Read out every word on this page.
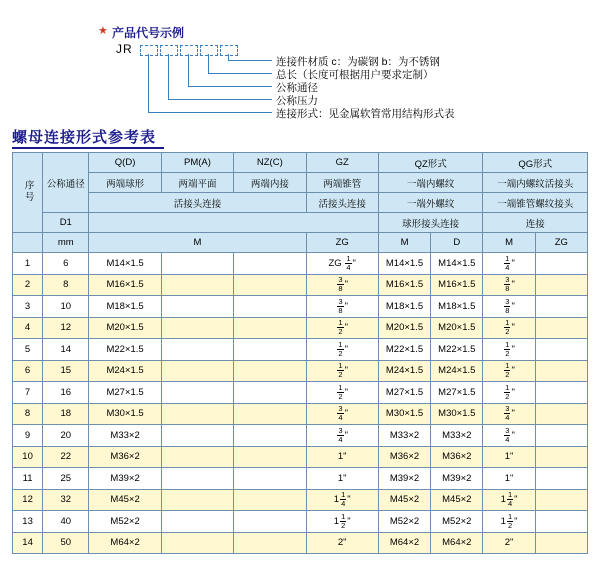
★ 产品代号示例
JR
连接件材质 c：为碳钢 b：为不锈钢
总长（长度可根据用户要求定制）
公称通径
公称压力
连接形式：见金属软管常用结构形式表
螺母连接形式参考表
序号	公称通径	Q(D)	PM(A)	NZ(C)	GZ	QZ形式		QG形式	
		两端球形	两端平面	两端内接	两端锥管	一端内螺纹		一端内螺纹活接头	
		活接头连接			活接头连接	一端外螺纹		一端锥管螺纹接头	
	D1					球形接头连接		连接	
	mm	M			ZG	M	D	M	ZG
1	6	M14×1.5			ZG $\frac{1}{4}$ "	M14×1.5	M14×1.5	$\frac{1}{4}$ "	
2	8	M16×1.5			$\frac{3}{8}$ "	M16×1.5	M16×1.5	$\frac{3}{8}$ "	
3	10	M18×1.5			$\frac{3}{8}$ "	M18×1.5	M18×1.5	$\frac{3}{8}$ "	
4	12	M20×1.5			$\frac{1}{2}$ "	M20×1.5	M20×1.5	$\frac{1}{2}$ "	
5	14	M22×1.5			$\frac{1}{2}$ "	M22×1.5	M22×1.5	$\frac{1}{2}$ "	
6	15	M24×1.5			$\frac{1}{2}$ "	M24×1.5	M24×1.5	$\frac{1}{2}$ "	
7	16	M27×1.5			$\frac{1}{2}$ "	M27×1.5	M27×1.5	$\frac{1}{2}$ "	
8	18	M30×1.5			$\frac{3}{4}$ "	M30×1.5	M30×1.5	$\frac{3}{4}$ "	
9	20	M33×2			$\frac{3}{4}$ "	M33×2	M33×2	$\frac{3}{4}$ "	
10	22	M36×2			1"	M36×2	M36×2	1"	
11	25	M39×2			1"	M39×2	M39×2	1"	
12	32	M45×2			$1 \frac{1}{4}$ "	M45×2	M45×2	$1 \frac{1}{4}$ "	
13	40	M52×2			$1 \frac{1}{2}$ "	M52×2	M52×2	$1 \frac{1}{2}$ "	
14	50	M64×2			2"	M64×2	M64×2	2"	
